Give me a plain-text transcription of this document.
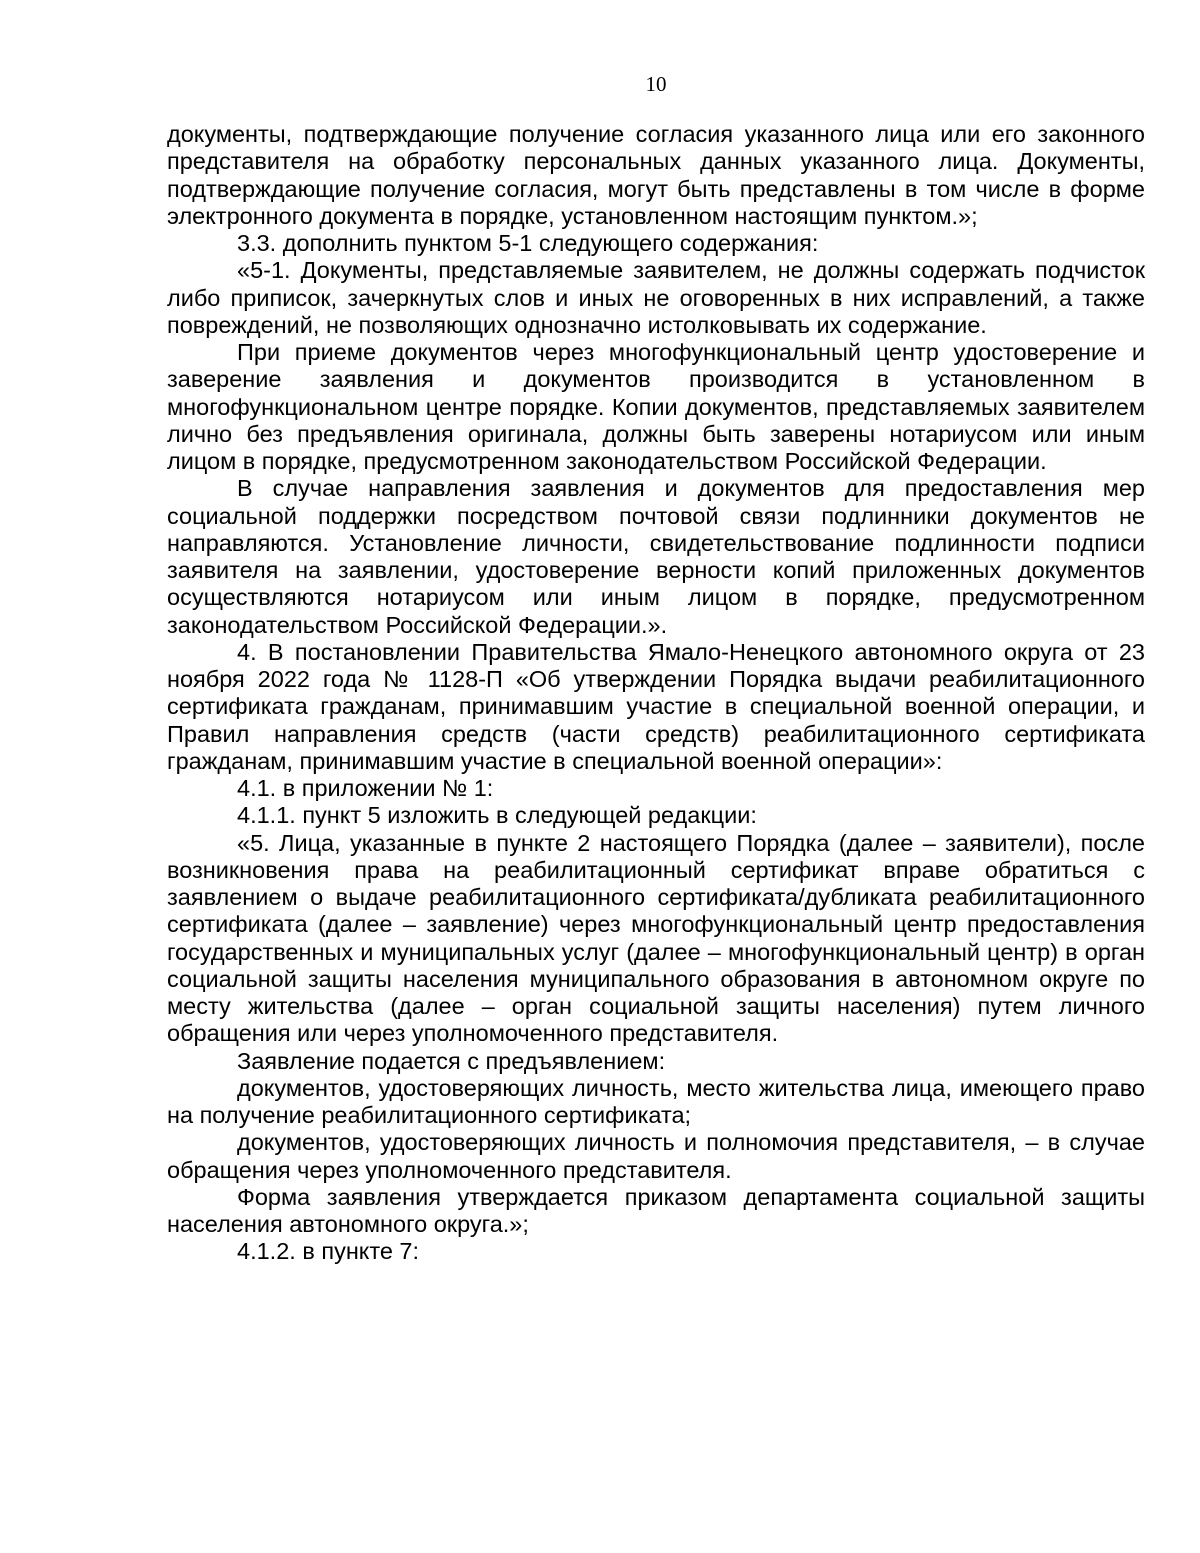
10

документы, подтверждающие получение согласия указанного лица или его законного представителя на обработку персональных данных указанного лица. Документы, подтверждающие получение согласия, могут быть представлены в том числе в форме электронного документа в порядке, установленном настоящим пунктом.»;

3.3. дополнить пунктом 5-1 следующего содержания:

«5-1. Документы, представляемые заявителем, не должны содержать подчисток либо приписок, зачеркнутых слов и иных не оговоренных в них исправлений, а также повреждений, не позволяющих однозначно истолковывать их содержание.

При приеме документов через многофункциональный центр удостоверение и заверение заявления и документов производится в установленном в многофункциональном центре порядке. Копии документов, представляемых заявителем лично без предъявления оригинала, должны быть заверены нотариусом или иным лицом в порядке, предусмотренном законодательством Российской Федерации.

В случае направления заявления и документов для предоставления мер социальной поддержки посредством почтовой связи подлинники документов не направляются. Установление личности, свидетельствование подлинности подписи заявителя на заявлении, удостоверение верности копий приложенных документов осуществляются нотариусом или иным лицом в порядке, предусмотренном законодательством Российской Федерации.».

4. В постановлении Правительства Ямало-Ненецкого автономного округа от 23 ноября 2022 года № 1128-П «Об утверждении Порядка выдачи реабилитационного сертификата гражданам, принимавшим участие в специальной военной операции, и Правил направления средств (части средств) реабилитационного сертификата гражданам, принимавшим участие в специальной военной операции»:

4.1. в приложении № 1:

4.1.1. пункт 5 изложить в следующей редакции:

«5. Лица, указанные в пункте 2 настоящего Порядка (далее – заявители), после возникновения права на реабилитационный сертификат вправе обратиться с заявлением о выдаче реабилитационного сертификата/дубликата реабилитационного сертификата (далее – заявление) через многофункциональный центр предоставления государственных и муниципальных услуг (далее – многофункциональный центр) в орган социальной защиты населения муниципального образования в автономном округе по месту жительства (далее – орган социальной защиты населения) путем личного обращения или через уполномоченного представителя.

Заявление подается с предъявлением:

документов, удостоверяющих личность, место жительства лица, имеющего право на получение реабилитационного сертификата;

документов, удостоверяющих личность и полномочия представителя, – в случае обращения через уполномоченного представителя.

Форма заявления утверждается приказом департамента социальной защиты населения автономного округа.»;

4.1.2. в пункте 7:
